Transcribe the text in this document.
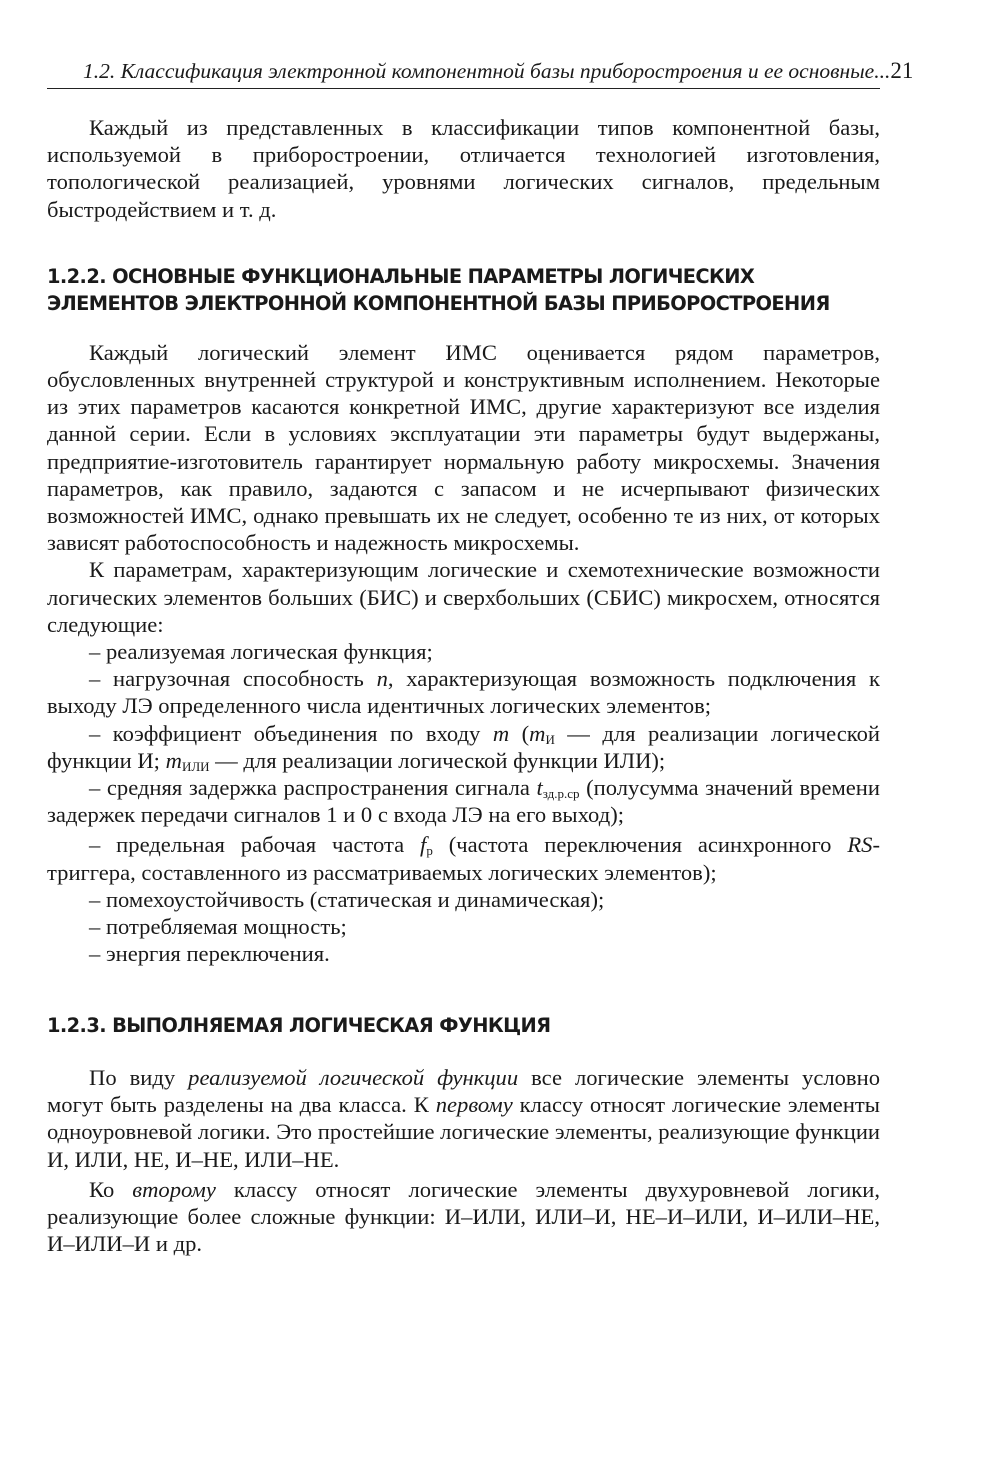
1.2. Классификация электронной компонентной базы приборостроения и ее основные... 21

Каждый из представленных в классификации типов компонентной базы, используемой в приборостроении, отличается технологией изготовления, топологической реализацией, уровнями логических сигналов, предельным быстродействием и т. д.

1.2.2. ОСНОВНЫЕ ФУНКЦИОНАЛЬНЫЕ ПАРАМЕТРЫ ЛОГИЧЕСКИХ
ЭЛЕМЕНТОВ ЭЛЕКТРОННОЙ КОМПОНЕНТНОЙ БАЗЫ ПРИБОРОСТРОЕНИЯ

Каждый логический элемент ИМС оценивается рядом параметров, обусловленных внутренней структурой и конструктивным исполнением. Некоторые из этих параметров касаются конкретной ИМС, другие характеризуют все изделия данной серии. Если в условиях эксплуатации эти параметры будут выдержаны, предприятие-изготовитель гарантирует нормальную работу микросхемы. Значения параметров, как правило, задаются с запасом и не исчерпывают физических возможностей ИМС, однако превышать их не следует, особенно те из них, от которых зависят работоспособность и надежность микросхемы.

К параметрам, характеризующим логические и схемотехнические возможности логических элементов больших (БИС) и сверхбольших (СБИС) микросхем, относятся следующие:

– реализуемая логическая функция;
– нагрузочная способность n, характеризующая возможность подключения к выходу ЛЭ определенного числа идентичных логических элементов;
– коэффициент объединения по входу m ($m_И$ — для реализации логической функции И; $m_{ИЛИ}$ — для реализации логической функции ИЛИ);
– средняя задержка распространения сигнала $t_{зд.р.ср}$ (полусумма значений времени задержек передачи сигналов 1 и 0 с входа ЛЭ на его выход);
– предельная рабочая частота $f_р$ (частота переключения асинхронного RS-триггера, составленного из рассматриваемых логических элементов);
– помехоустойчивость (статическая и динамическая);
– потребляемая мощность;
– энергия переключения.
1.2.3. ВЫПОЛНЯЕМАЯ ЛОГИЧЕСКАЯ ФУНКЦИЯ

По виду реализуемой логической функции все логические элементы условно могут быть разделены на два класса. К первому классу относят логические элементы одноуровневой логики. Это простейшие логические элементы, реализующие функции И, ИЛИ, НЕ, И–НЕ, ИЛИ–НЕ.

Ко второму классу относят логические элементы двухуровневой логики, реализующие более сложные функции: И–ИЛИ, ИЛИ–И, НЕ–И–ИЛИ, И–ИЛИ–НЕ, И–ИЛИ–И и др.
